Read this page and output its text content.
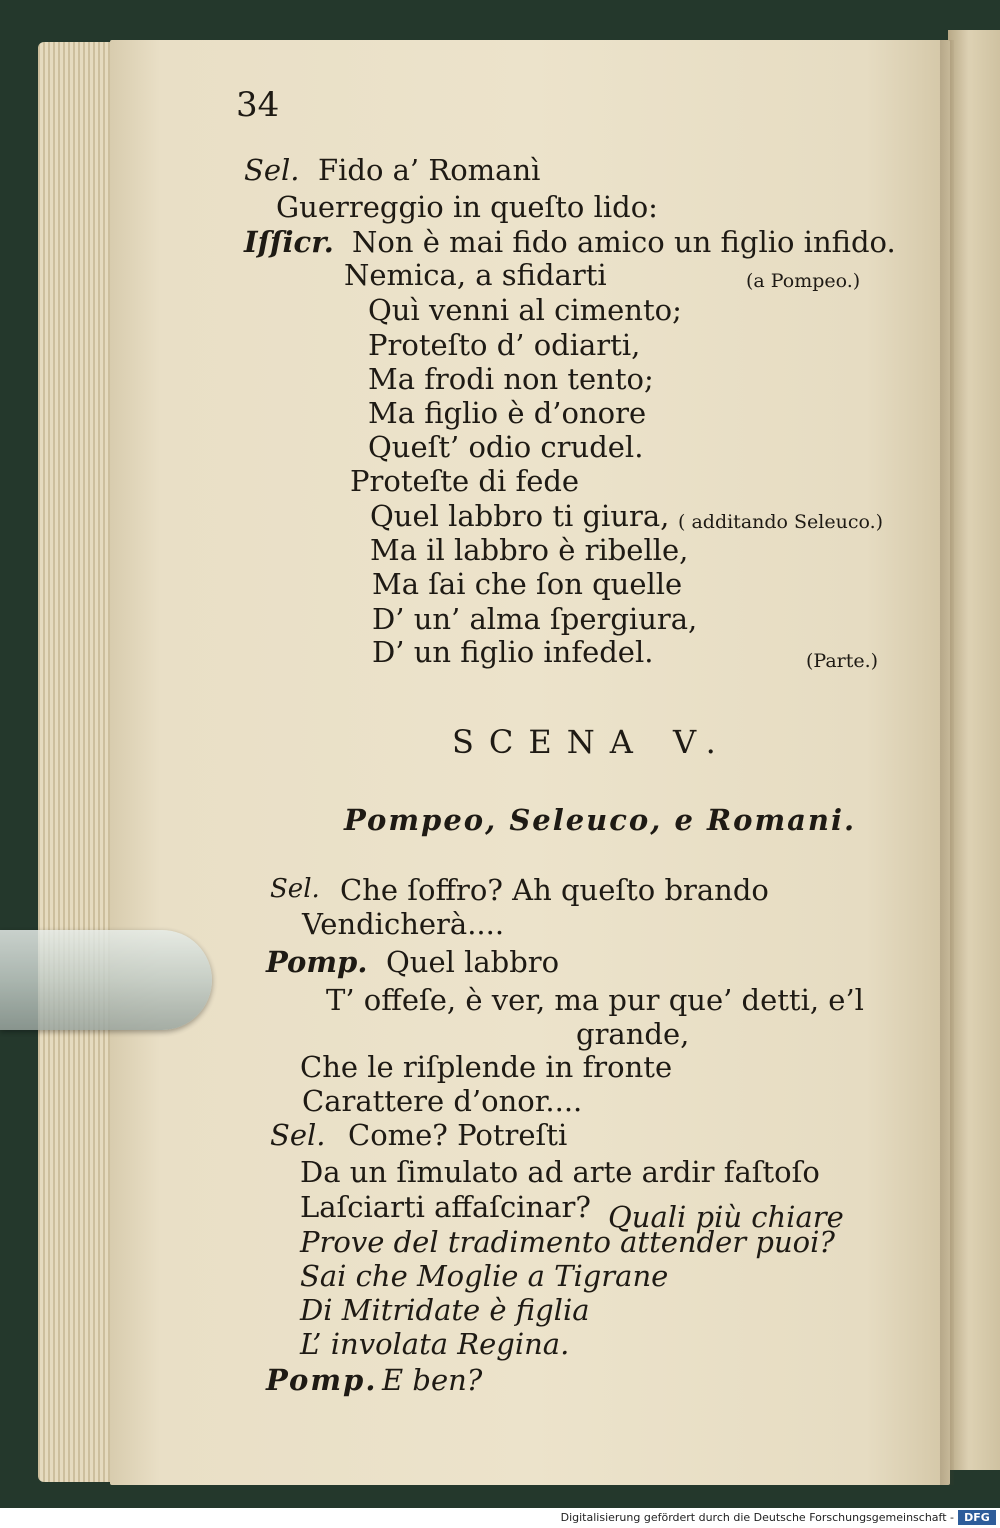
34
Sel. Fido a’ Romanì
Guerreggio in queſto lido:
Iſſicr. Non è mai fido amico un figlio infido.
Nemica, a sfidarti	(a Pompeo.)
Quì venni al cimento;
Proteſto d’ odiarti,
Ma frodi non tento;
Ma figlio è d’onore
Queſt’ odio crudel.
Proteſte di fede
Quel labbro ti giura, ( additando Seleuco.)
Ma il labbro è ribelle,
Ma ſai che ſon quelle
D’ un’ alma ſpergiura,
D’ un figlio infedel.	(Parte.)
SCENA V.
Pompeo, Seleuco, e Romani.
Sel. Che ſoffro? Ah queſto brando
Vendicherà....
Pomp. Quel labbro
T’ offeſe, è ver, ma pur que’ detti, e’l
grande,
Che le riſplende in fronte
Carattere d’onor....
Sel. Come? Potreſti
Da un ſimulato ad arte ardir faſtoſo
Laſciarti affaſcinar? Quali più chiare
Prove del tradimento attender puoi?
Sai che Moglie a Tigrane
Di Mitridate è figlia
L’ involata Regina.
Pomp. E ben?
Digitalisierung gefördert durch die Deutsche Forschungsgemeinschaft - DFG
